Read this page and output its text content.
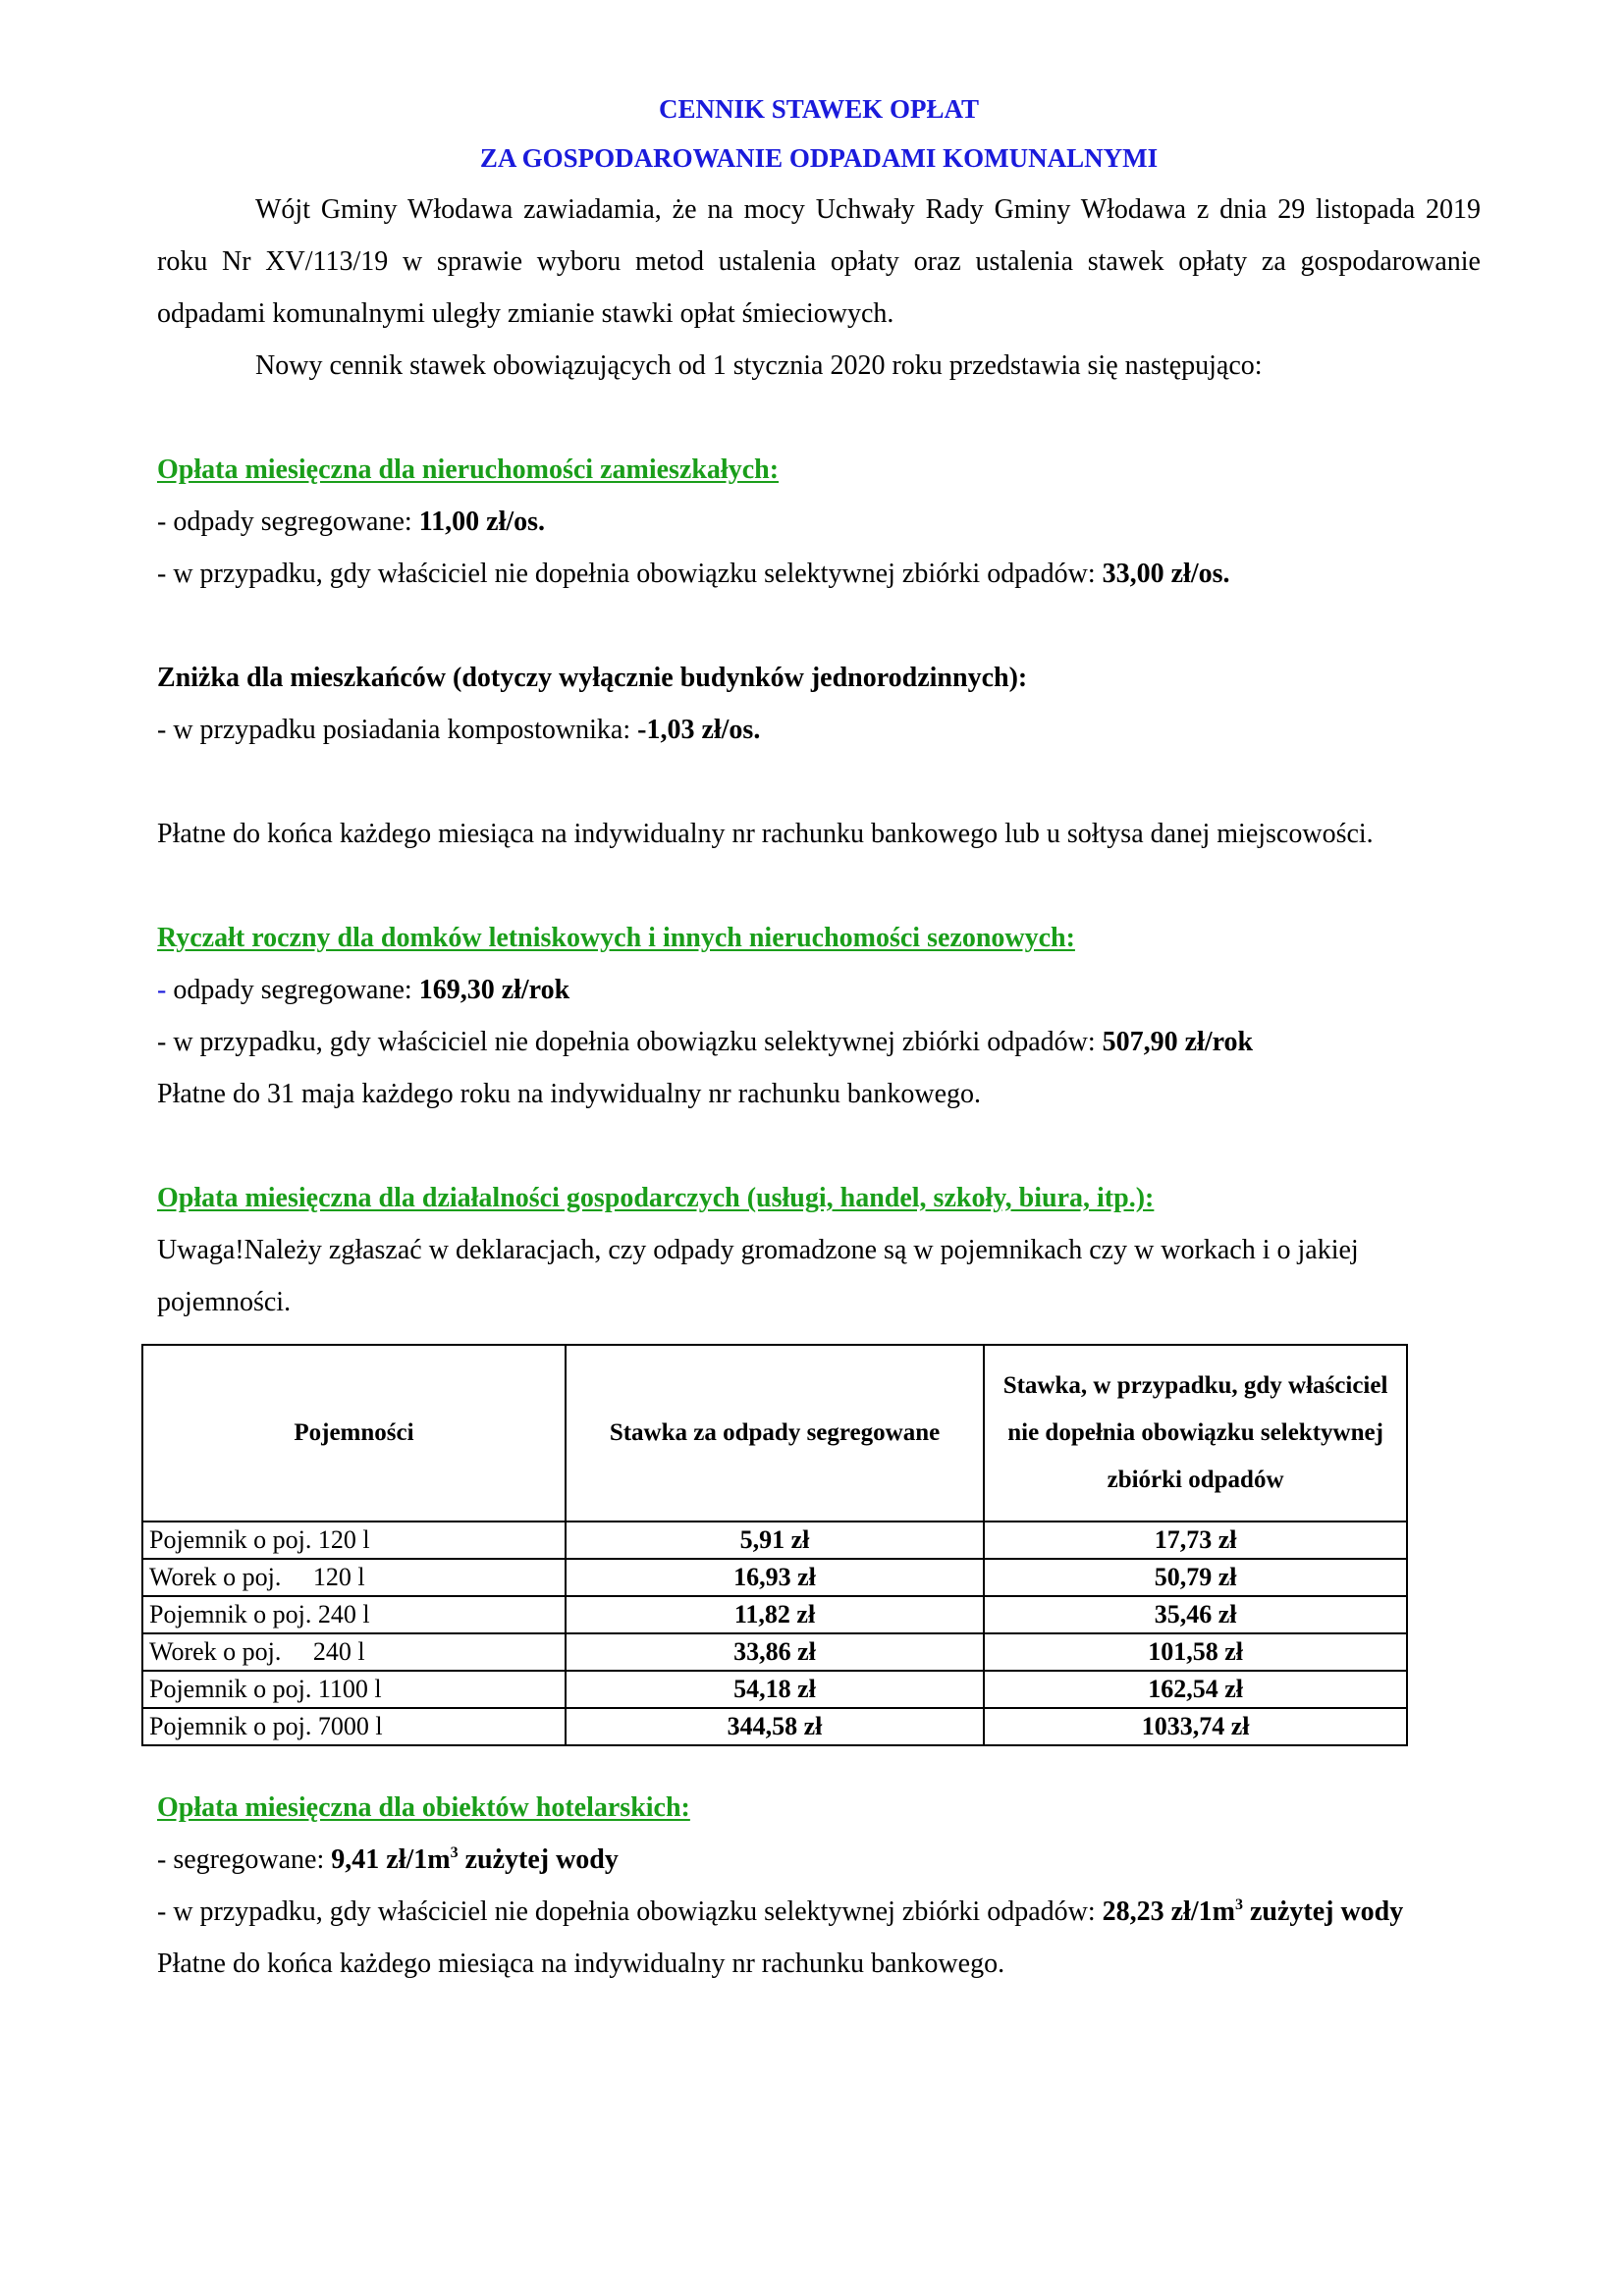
CENNIK STAWEK OPŁAT
ZA GOSPODAROWANIE ODPADAMI KOMUNALNYMI

Wójt Gminy Włodawa zawiadamia, że na mocy Uchwały Rady Gminy Włodawa z dnia 29 listopada 2019 roku Nr XV/113/19 w sprawie wyboru metod ustalenia opłaty oraz ustalenia stawek opłaty za gospodarowanie odpadami komunalnymi uległy zmianie stawki opłat śmieciowych.

Nowy cennik stawek obowiązujących od 1 stycznia 2020 roku przedstawia się następująco:

Opłata miesięczna dla nieruchomości zamieszkałych:

- odpady segregowane: 11,00 zł/os.

- w przypadku, gdy właściciel nie dopełnia obowiązku selektywnej zbiórki odpadów: 33,00 zł/os.

Zniżka dla mieszkańców (dotyczy wyłącznie budynków jednorodzinnych):

- w przypadku posiadania kompostownika: -1,03 zł/os.

Płatne do końca każdego miesiąca na indywidualny nr rachunku bankowego lub u sołtysa danej miejscowości.

Ryczałt roczny dla domków letniskowych i innych nieruchomości sezonowych:

- odpady segregowane: 169,30 zł/rok

- w przypadku, gdy właściciel nie dopełnia obowiązku selektywnej zbiórki odpadów: 507,90 zł/rok

Płatne do 31 maja każdego roku na indywidualny nr rachunku bankowego.

Opłata miesięczna dla działalności gospodarczych (usługi, handel, szkoły, biura, itp.):

Uwaga!Należy zgłaszać w deklaracjach, czy odpady gromadzone są w pojemnikach czy w workach i o jakiej pojemności.

Pojemności	Stawka za odpady segregowane	Stawka, w przypadku, gdy właściciel nie dopełnia obowiązku selektywnej zbiórki odpadów
Pojemnik o poj. 120 l	5,91 zł	17,73 zł
Worek o poj.     120 l	16,93 zł	50,79 zł
Pojemnik o poj. 240 l	11,82 zł	35,46 zł
Worek o poj.     240 l	33,86 zł	101,58 zł
Pojemnik o poj. 1100 l	54,18 zł	162,54 zł
Pojemnik o poj. 7000 l	344,58 zł	1033,74 zł

Opłata miesięczna dla obiektów hotelarskich:

- segregowane: 9,41 $zł/1m^3$ zużytej wody

- w przypadku, gdy właściciel nie dopełnia obowiązku selektywnej zbiórki odpadów: 28,23 $zł/1m^3$ zużytej wody

Płatne do końca każdego miesiąca na indywidualny nr rachunku bankowego.
